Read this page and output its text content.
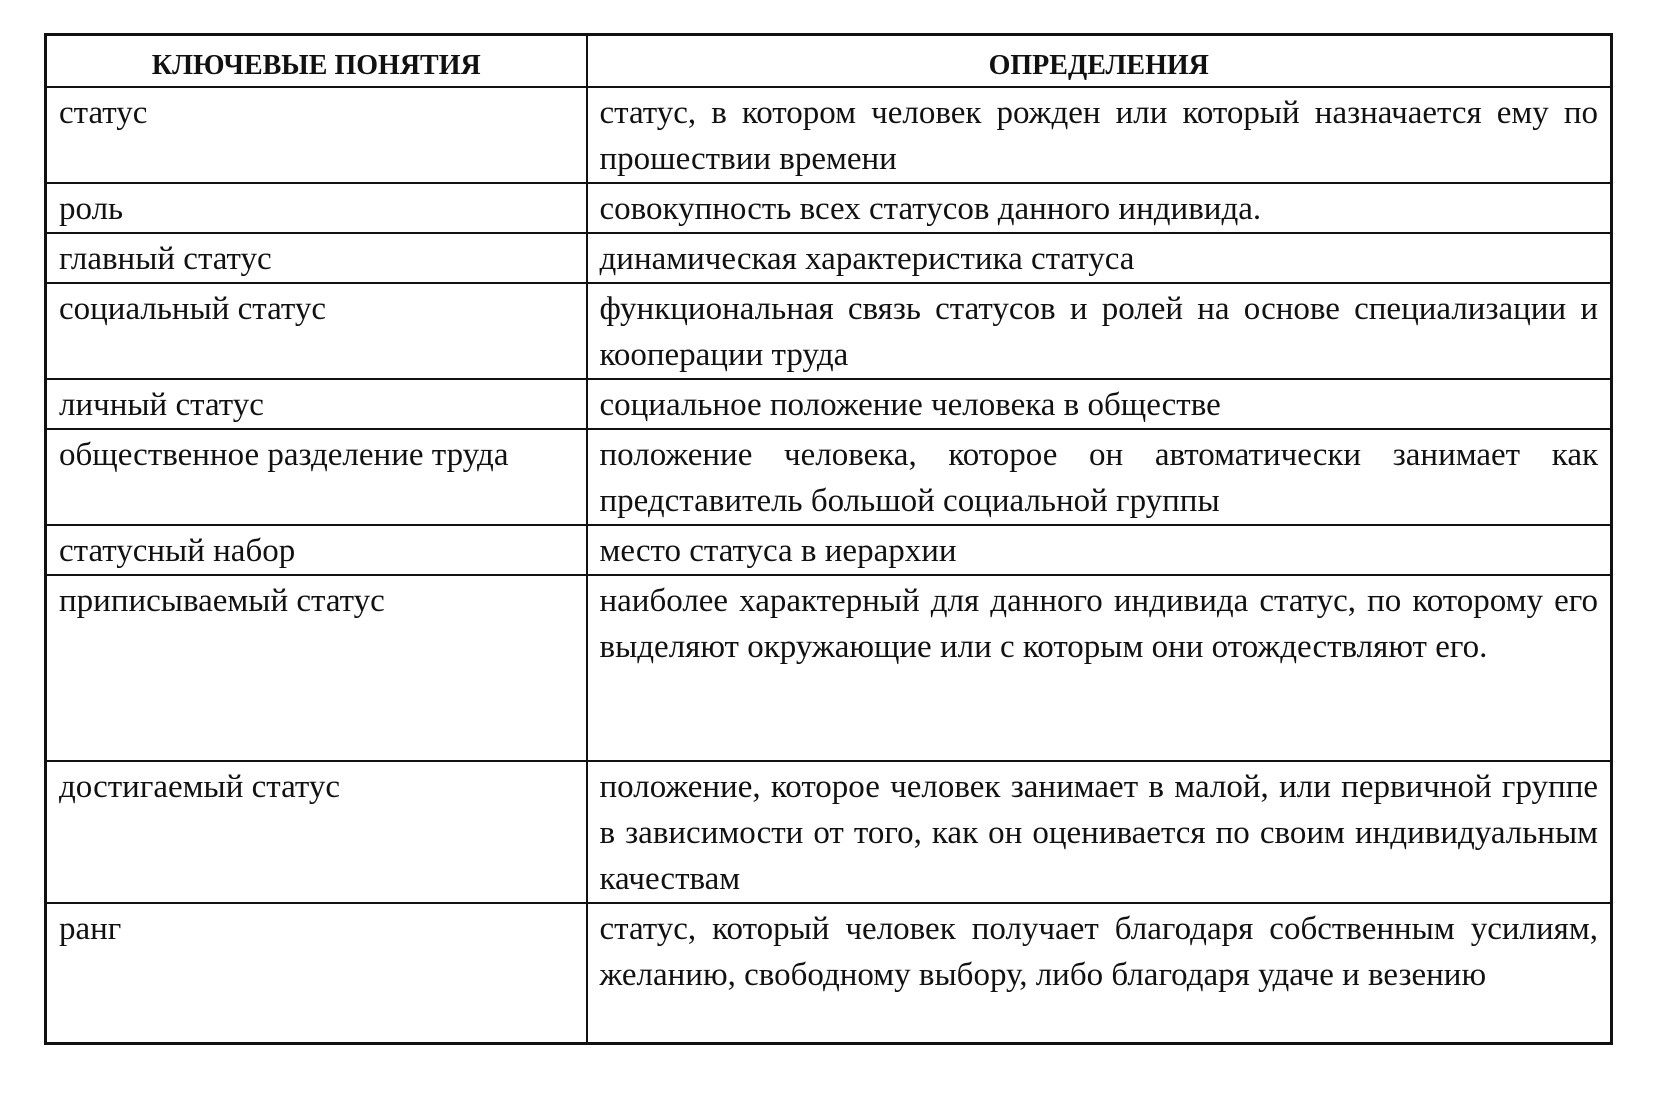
КЛЮЧЕВЫЕ ПОНЯТИЯ	ОПРЕДЕЛЕНИЯ
статус	статус, в котором человек рожден или который назначается ему по прошествии времени
роль	совокупность всех статусов данного индивида.
главный статус	динамическая характеристика статуса
социальный статус	функциональная связь статусов и ролей на основе специализации и кооперации труда
личный статус	социальное положение человека в обществе
общественное разделение труда	положение человека, которое он автоматически занимает как представитель большой социальной группы
статусный набор	место статуса в иерархии
приписываемый статус	наиболее характерный для данного индивида статус, по которому его выделяют окружающие или с которым они отождествляют его.
достигаемый статус	положение, которое человек занимает в малой, или первичной группе в зависимости от того, как он оценивается по своим индивидуальным качествам
ранг	статус, который человек получает благодаря собственным усилиям, желанию, свободному выбору, либо благодаря удаче и везению
